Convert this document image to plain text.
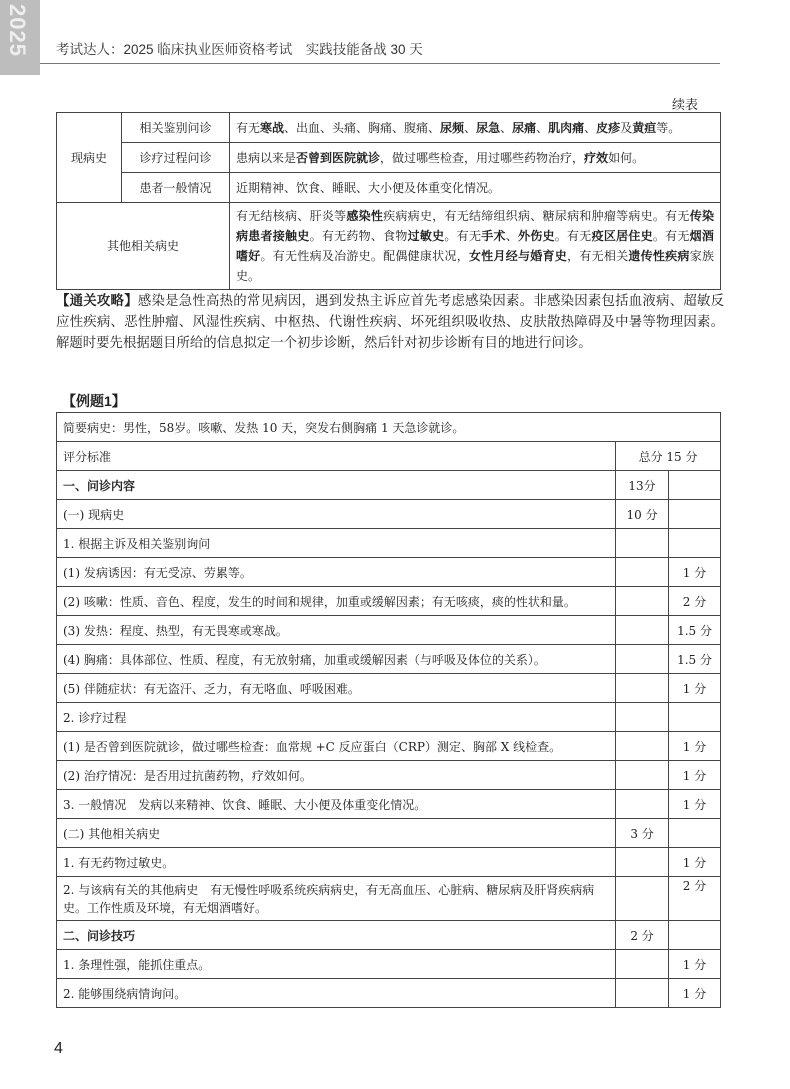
2025 考试达人：2025 临床执业医师资格考试　实践技能备战 30 天
续表
现病史	相关鉴别问诊	有无寒战、出血、头痛、胸痛、腹痛、尿频、尿急、尿痛、肌肉痛、皮疹及黄疸等。
	诊疗过程问诊	患病以来是否曾到医院就诊，做过哪些检查，用过哪些药物治疗，疗效如何。
	患者一般情况	近期精神、饮食、睡眠、大小便及体重变化情况。
其他相关病史		有无结核病、肝炎等感染性疾病病史，有无结缔组织病、糖尿病和肿瘤等病史。有无传染病患者接触史。有无药物、食物过敏史。有无手术、外伤史。有无疫区居住史。有无烟酒嗜好。有无性病及冶游史。配偶健康状况，女性月经与婚育史，有无相关遗传性疾病家族史。
【通关攻略】感染是急性高热的常见病因，遇到发热主诉应首先考虑感染因素。非感染因素包括血液病、超敏反应性疾病、恶性肿瘤、风湿性疾病、中枢热、代谢性疾病、坏死组织吸收热、皮肤散热障碍及中暑等物理因素。解题时要先根据题目所给的信息拟定一个初步诊断，然后针对初步诊断有目的地进行问诊。
【例题1】
简要病史：男性，58岁。咳嗽、发热 10 天，突发右侧胸痛 1 天急诊就诊。		
评分标准	总分 15 分	
一、问诊内容	13分	
(一) 现病史	10 分	
1. 根据主诉及相关鉴别询问		
(1) 发病诱因：有无受凉、劳累等。		1 分
(2) 咳嗽：性质、音色、程度，发生的时间和规律，加重或缓解因素；有无咳痰，痰的性状和量。		2 分
(3) 发热：程度、热型，有无畏寒或寒战。		1.5 分
(4) 胸痛：具体部位、性质、程度，有无放射痛，加重或缓解因素（与呼吸及体位的关系）。		1.5 分
(5) 伴随症状：有无盗汗、乏力，有无咯血、呼吸困难。		1 分
2. 诊疗过程		
(1) 是否曾到医院就诊，做过哪些检查：血常规 +C 反应蛋白（CRP）测定、胸部 X 线检查。		1 分
(2) 治疗情况：是否用过抗菌药物，疗效如何。		1 分
3. 一般情况　发病以来精神、饮食、睡眠、大小便及体重变化情况。		1 分
(二) 其他相关病史	3 分	
1. 有无药物过敏史。		1 分
2. 与该病有关的其他病史　有无慢性呼吸系统疾病病史，有无高血压、心脏病、糖尿病及肝肾疾病病史。工作性质及环境，有无烟酒嗜好。		2 分
二、问诊技巧	2 分	
1. 条理性强，能抓住重点。		1 分
2. 能够围绕病情询问。		1 分
4
